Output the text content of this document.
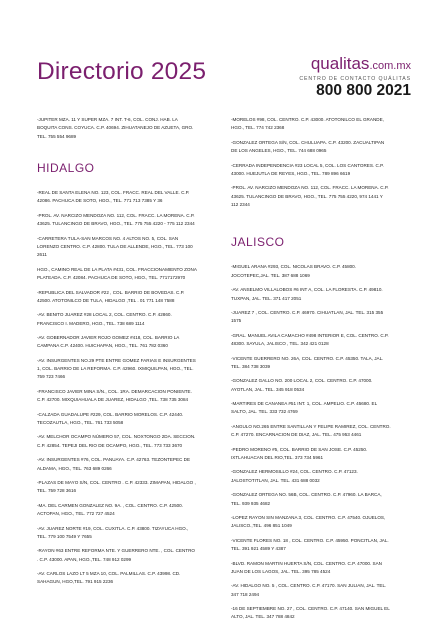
Directorio 2025	qualitas.com.mx
CENTRO DE CONTACTO QUÁLITAS
800 800 2021

-JUPITER MZA. 11 Y SUPER MZA. 7 INT. T-6, COL. CONJ. HAB. LA BOQUITA CONS. COYUCA. C.P. 40694. ZIHUATANEJO DE AZUETA, GRO. TEL. 755 554 9689

HIDALGO

-REAL DE SANTA ELENA NO. 123, COL. FRACC. REAL DEL VALLE. C.P. 42086. PACHUCA DE SOTO, HGO., TEL. 771 713 7385 Y 36

-PROL. AV. NARCIZO MENDOZA NO. 112, COL. FRACC. LA MORENA. C.P. 43625. TULANCINGO DE BRAVO, HGO., TEL. 775 755 4220 - 775 112 2344

-CARRETERA TULA-SAN MARCOS NO. 4 ALTOS NO. 5, COL. SAN LORENZO CENTRO. C.P. 42800. TULA DE ALLENDE, HGO., TEL. 773 100 2611

HGO., CAMINO REAL DE LA PLATA #431, COL. FRACCIONAMIENTO ZONA PLATEADA. C.P. 42084. PACHUCA DE SOTO, HGO., TEL. 7717172970

-REPUBLICA DEL SALVADOR #22 , COL. BARRIO DE BOVEDAS. C.P. 42500. ATOTONILCO DE TULA, HIDALGO ,TEL . 01 771 148 7588

-AV. BENITO JUAREZ #28 LOCAL 2, COL. CENTRO. C.P. 42860. FRANCISCO I. MADERO, HGO., TEL. 738 689 1114

-AV. GOBERNADOR JAVIER ROJO GOMEZ #418, COL. BARRIO LA CAMPANA C.P. 42400. HUICHAPAN, HGO., TEL. 761 782 0360

-AV. INSURGENTES NO.29 PTE ENTRE GOMEZ FARIAS E INSURGENTES 1, COL. BARRIO DE LA REFORMA. C.P. 42960. IXMIQUILPAN, HGO., TEL. 759 723 7466

-FRANCISCO JAVIER MINA S/N., COL. 1RA. DEMARCACION PONIENTE. C.P. 42700. MIXQUIAHUALA DE JUAREZ, HIDALGO ,TEL. 738 735 3084

-CALZADA GUADALUPE #229, COL. BARRIO MORELOS. C.P. 42440. TECOZAUTLA, HGO., TEL. 761 733 5058

-AV. MELCHOR OCAMPO NÚMERO 57, COL. NOXTONGO 2DA. SECCION. C.P. 42854. TEPEJI DEL RIO DE OCAMPO, HGO., TEL. 773 733 3670

-AV. INSURGENTES #76, COL. PANUAYA. C.P. 42763. TEZONTEPEC DE ALDAMA, HGO., TEL. 763 689 0266

-PLAZAS DE MAYO S/N, COL. CENTRO . C.P. 42333. ZIMAPAN, HIDALGO , TEL. 759 728 3616

-MA. DEL CARMEN GONZALEZ NO. 9A. , COL. CENTRO. C.P. 42500. ACTOPAN, HGO., TEL. 772 727 4524

-AV. JUAREZ NORTE #19, COL. CUXITLA. C.P. 43800. TIZAYUCA HGO., TEL. 779 100 7549 Y 7655

-RAYON #63 ENTRE REFORMA NTE. Y GUERRERO NTE. , COL. CENTRO . C.P. 43000. APAN, HGO.,TEL. 748 912 0299

-AV. CARLOS LAZO LT 5 MZA 10, COL. PALMILLAS. C.P. 43998. CD. SAHAGUN, HGO,TEL. 791 915 2236

-MORELOS #98, COL. CENTRO. C.P. 43000. ATOTONILCO EL GRANDE, HGO., TEL. 774 742 2368

-GONZALEZ ORTEGA S/N, COL. CHULUAPA. C.P. 43200. ZACUALTIPAN DE LOS ANGELES, HGO., TEL. 744 688 0965

-CERRADA INDEPENDENCIA #23 LOCAL 5, COL. LOS CANTORES. C.P. 43000. HUEJUTLA DE REYES, HGO., TEL. 789 896 6619

-PROL. AV. NARCIZO MENDOZA NO. 112, COL. FRACC. LA MORENA. C.P. 43625. TULANCINGO DE BRAVO, HGO., TEL. 775 755 4220, 974 1441 Y 112 2344

JALISCO

-MIGUEL ARANA #293, COL. NICOLAS BRAVO. C.P. 45800. JOCOTEPEC,JAL. TEL. 387 688 1069

-AV. ANSELMO VILLALOBOS #6 INT A, COL. LA FLORESTA. C.P. 49810. TUXPAN, JAL. TEL. 371 417 2051

-JUAREZ 7 , COL. CENTRO. C.P. 46970. CIHUATLAN, JAL. TEL. 315 355 1575

-GRAL. MANUEL AVILA CAMACHO #498 INTERIOR E, COL. CENTRO. C.P. 48300. SAYULA, JALISCO , TEL. 342 421 0128

-VICENTE GUERRERO NO. 26A, COL. CENTRO. C.P. 45350. TALA, JAL. TEL. 384 738 3039

-GONZALEZ GALLO NO. 200 LOCAL 2, COL. CENTRO. C.P. 47000. AYOTLAN, JAL. TEL. 345 918 0534

-MARTIRES DE CANANEA #51 INT. 1, COL. AMPELIO. C.P. 45680. EL SALTO, JAL. TEL. 333 732 4769

-ANGULO NO.265 ENTRE SANTILLAN Y FELIPE RAMIREZ, COL. CENTRO. C.P. 47270. ENCARNACION DE DIAZ, JAL. TEL. 475 953 4461

-PEDRO MORENO #5, COL. BARRIO DE SAN JOSE. C.P. 45250. IXTLAHUACAN DEL RIO,TEL. 373 734 5961

-GONZALEZ HERMOSILLO #24, COL. CENTRO. C.P. 47123. JALOSTOTITLAN, JAL. TEL. 431 688 0032

-GONZALEZ ORTEGA NO. 56B, COL. CENTRO. C.P. 47960. LA BARCA, TEL. 939 935 4682

-LOPEZ RAYON SIN MANZANA 3, COL. CENTRO. C.P. 47540. OJUELOS, JALISCO.,TEL. 496 851 1049

-VICENTE FLORES NO. 18 , COL. CENTRO. C.P. 45950. PONCITLAN, JAL. TEL. 391 921 4589 Y 4387

-BLVD. RAMON MARTIN HUERTA S/N, COL. CENTRO. C.P. 47000. SAN JUAN DE LOS LAGOS, JAL. TEL. 395 785 4524

-AV. HIDALGO NO. 5 , COL. CENTRO. C.P. 47170. SAN JULIAN, JAL. TEL. 347 718 2494

-16 DE SEPTIEMBRE NO. 27 , COL. CENTRO. C.P. 47140. SAN MIGUEL EL ALTO, JAL. TEL. 347 788 4842
